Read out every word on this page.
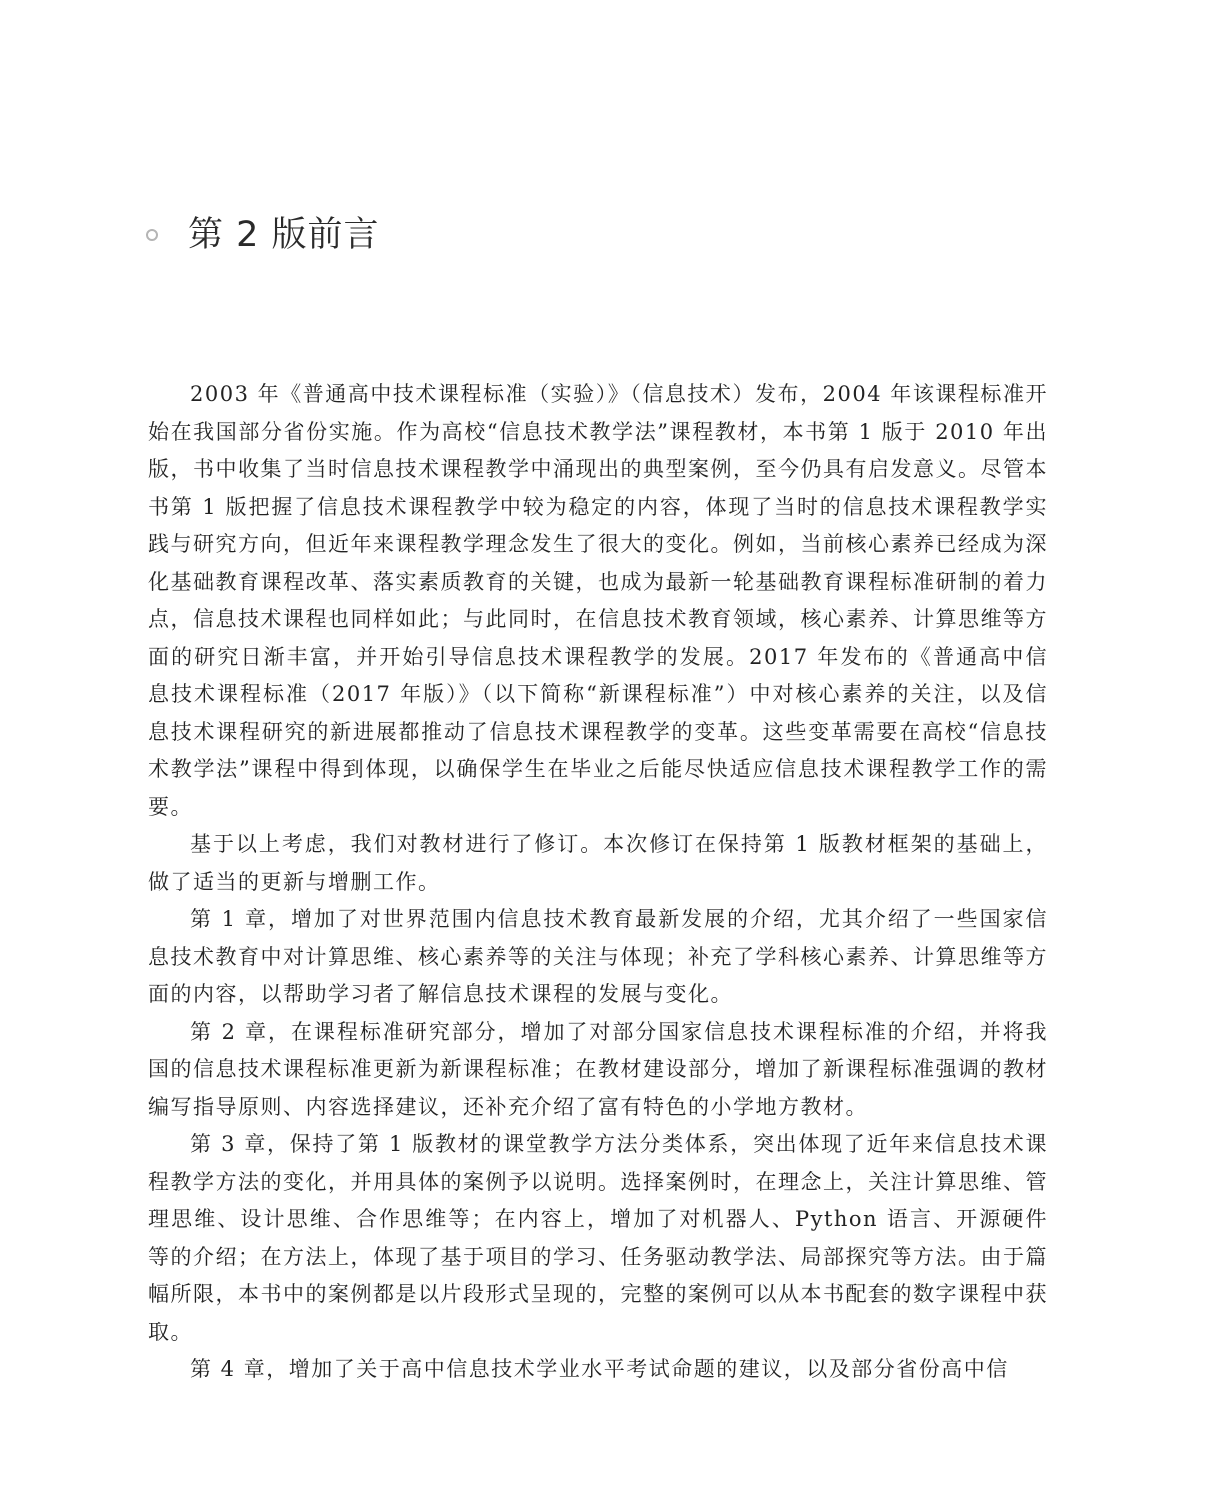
第 2 版前言

2003 年《普通高中技术课程标准（实验）》（信息技术）发布，2004 年该课程标准开始在我国部分省份实施。作为高校“信息技术教学法”课程教材，本书第 1 版于 2010 年出版，书中收集了当时信息技术课程教学中涌现出的典型案例，至今仍具有启发意义。尽管本书第 1 版把握了信息技术课程教学中较为稳定的内容，体现了当时的信息技术课程教学实践与研究方向，但近年来课程教学理念发生了很大的变化。例如，当前核心素养已经成为深化基础教育课程改革、落实素质教育的关键，也成为最新一轮基础教育课程标准研制的着力点，信息技术课程也同样如此；与此同时，在信息技术教育领域，核心素养、计算思维等方面的研究日渐丰富，并开始引导信息技术课程教学的发展。2017 年发布的《普通高中信息技术课程标准（2017 年版）》（以下简称“新课程标准”）中对核心素养的关注，以及信息技术课程研究的新进展都推动了信息技术课程教学的变革。这些变革需要在高校“信息技术教学法”课程中得到体现，以确保学生在毕业之后能尽快适应信息技术课程教学工作的需要。

基于以上考虑，我们对教材进行了修订。本次修订在保持第 1 版教材框架的基础上，做了适当的更新与增删工作。

第 1 章，增加了对世界范围内信息技术教育最新发展的介绍，尤其介绍了一些国家信息技术教育中对计算思维、核心素养等的关注与体现；补充了学科核心素养、计算思维等方面的内容，以帮助学习者了解信息技术课程的发展与变化。

第 2 章，在课程标准研究部分，增加了对部分国家信息技术课程标准的介绍，并将我国的信息技术课程标准更新为新课程标准；在教材建设部分，增加了新课程标准强调的教材编写指导原则、内容选择建议，还补充介绍了富有特色的小学地方教材。

第 3 章，保持了第 1 版教材的课堂教学方法分类体系，突出体现了近年来信息技术课程教学方法的变化，并用具体的案例予以说明。选择案例时，在理念上，关注计算思维、管理思维、设计思维、合作思维等；在内容上，增加了对机器人、Python 语言、开源硬件等的介绍；在方法上，体现了基于项目的学习、任务驱动教学法、局部探究等方法。由于篇幅所限，本书中的案例都是以片段形式呈现的，完整的案例可以从本书配套的数字课程中获取。

第 4 章，增加了关于高中信息技术学业水平考试命题的建议，以及部分省份高中信
